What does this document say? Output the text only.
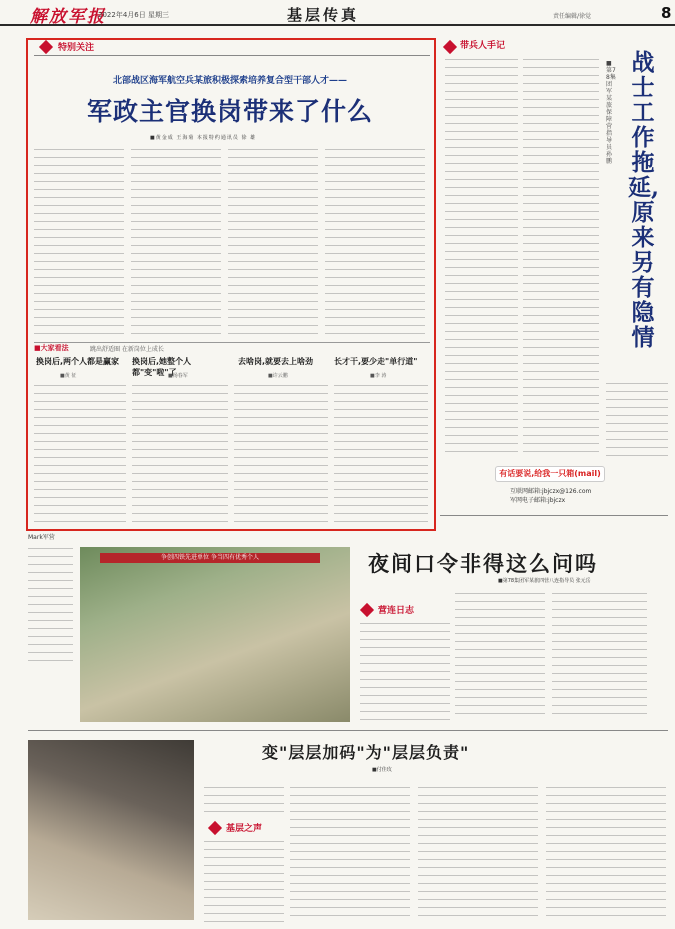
解放军报
2022年4月6日 星期三	基层传真	责任编辑/徐觉	8
特别关注
北部战区海军航空兵某旅积极探索培养复合型干部人才——
军政主官换岗带来了什么
■黄金成 王海菊 本报特约通讯员 徐 雄
■大家看法	跳出舒适圈 在新岗位上成长
换岗后,两个人都是赢家
■黄 征
换岗后,她整个人都"变"啦"了
■杨春军
去啥岗,就要去上啥劲
■许云鹏
长才干,要少走"单行道"
■李 涛
带兵人手记
战士工作拖延,原来另有隐情
■第78集团军某旅保障营指导员 孙 鹏
有话要说,给我一只箱(mail)
互联网邮箱:jbjczx@126.com
军网电子邮箱:jbjczx
Mark军营
争创四铁先进单位 争当四有优秀个人	夜间口令非得这么问吗
■第78集团军某旅四营八连指导员 张元岳
营连日志
变"层层加码"为"层层负责"
■付佳玫
基层之声
